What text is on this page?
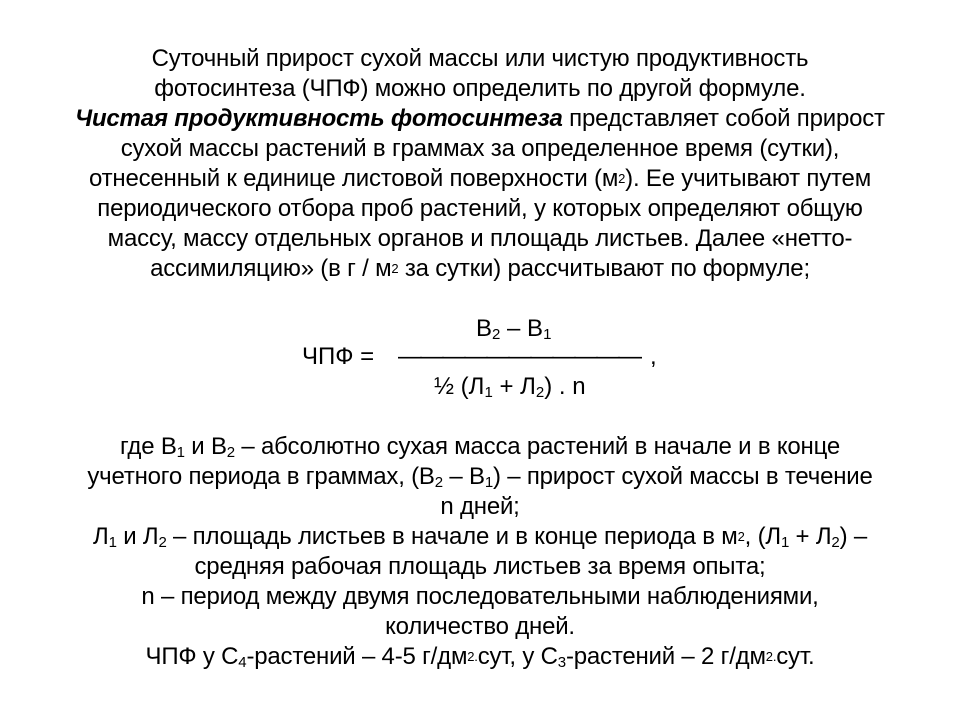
Суточный прирост сухой массы или чистую продуктивность
фотосинтеза (ЧПФ) можно определить по другой формуле.
Чистая продуктивность фотосинтеза представляет собой прирост
сухой массы растений в граммах за определенное время (сутки),
отнесенный к единице листовой поверхности $(м^2)$. Ее учитывают путем
периодического отбора проб растений, у которых определяют общую
массу, массу отдельных органов и площадь листьев. Далее «нетто-
ассимиляцию» (в г / $м^2$ за сутки) рассчитывают по формуле;
$В_2 - В_1$
ЧПФ = ——————————— ,
½ $(Л_1 + Л_2)$ . n
где $В_1$ и $В_2$ – абсолютно сухая масса растений в начале и в конце
учетного периода в граммах, $(В_2 - В_1)$ – прирост сухой массы в течение
n дней;
$Л_1$ и $Л_2$ – площадь листьев в начале и в конце периода в $м^2$, $(Л_1 + Л_2)$ –
средняя рабочая площадь листьев за время опыта;
n – период между двумя последовательными наблюдениями,
количество дней.
ЧПФ у $С_4$-растений – 4-5 $г/дм^{2.}сут$, у $С_3$-растений – 2 $г/дм^{2.}сут$.
